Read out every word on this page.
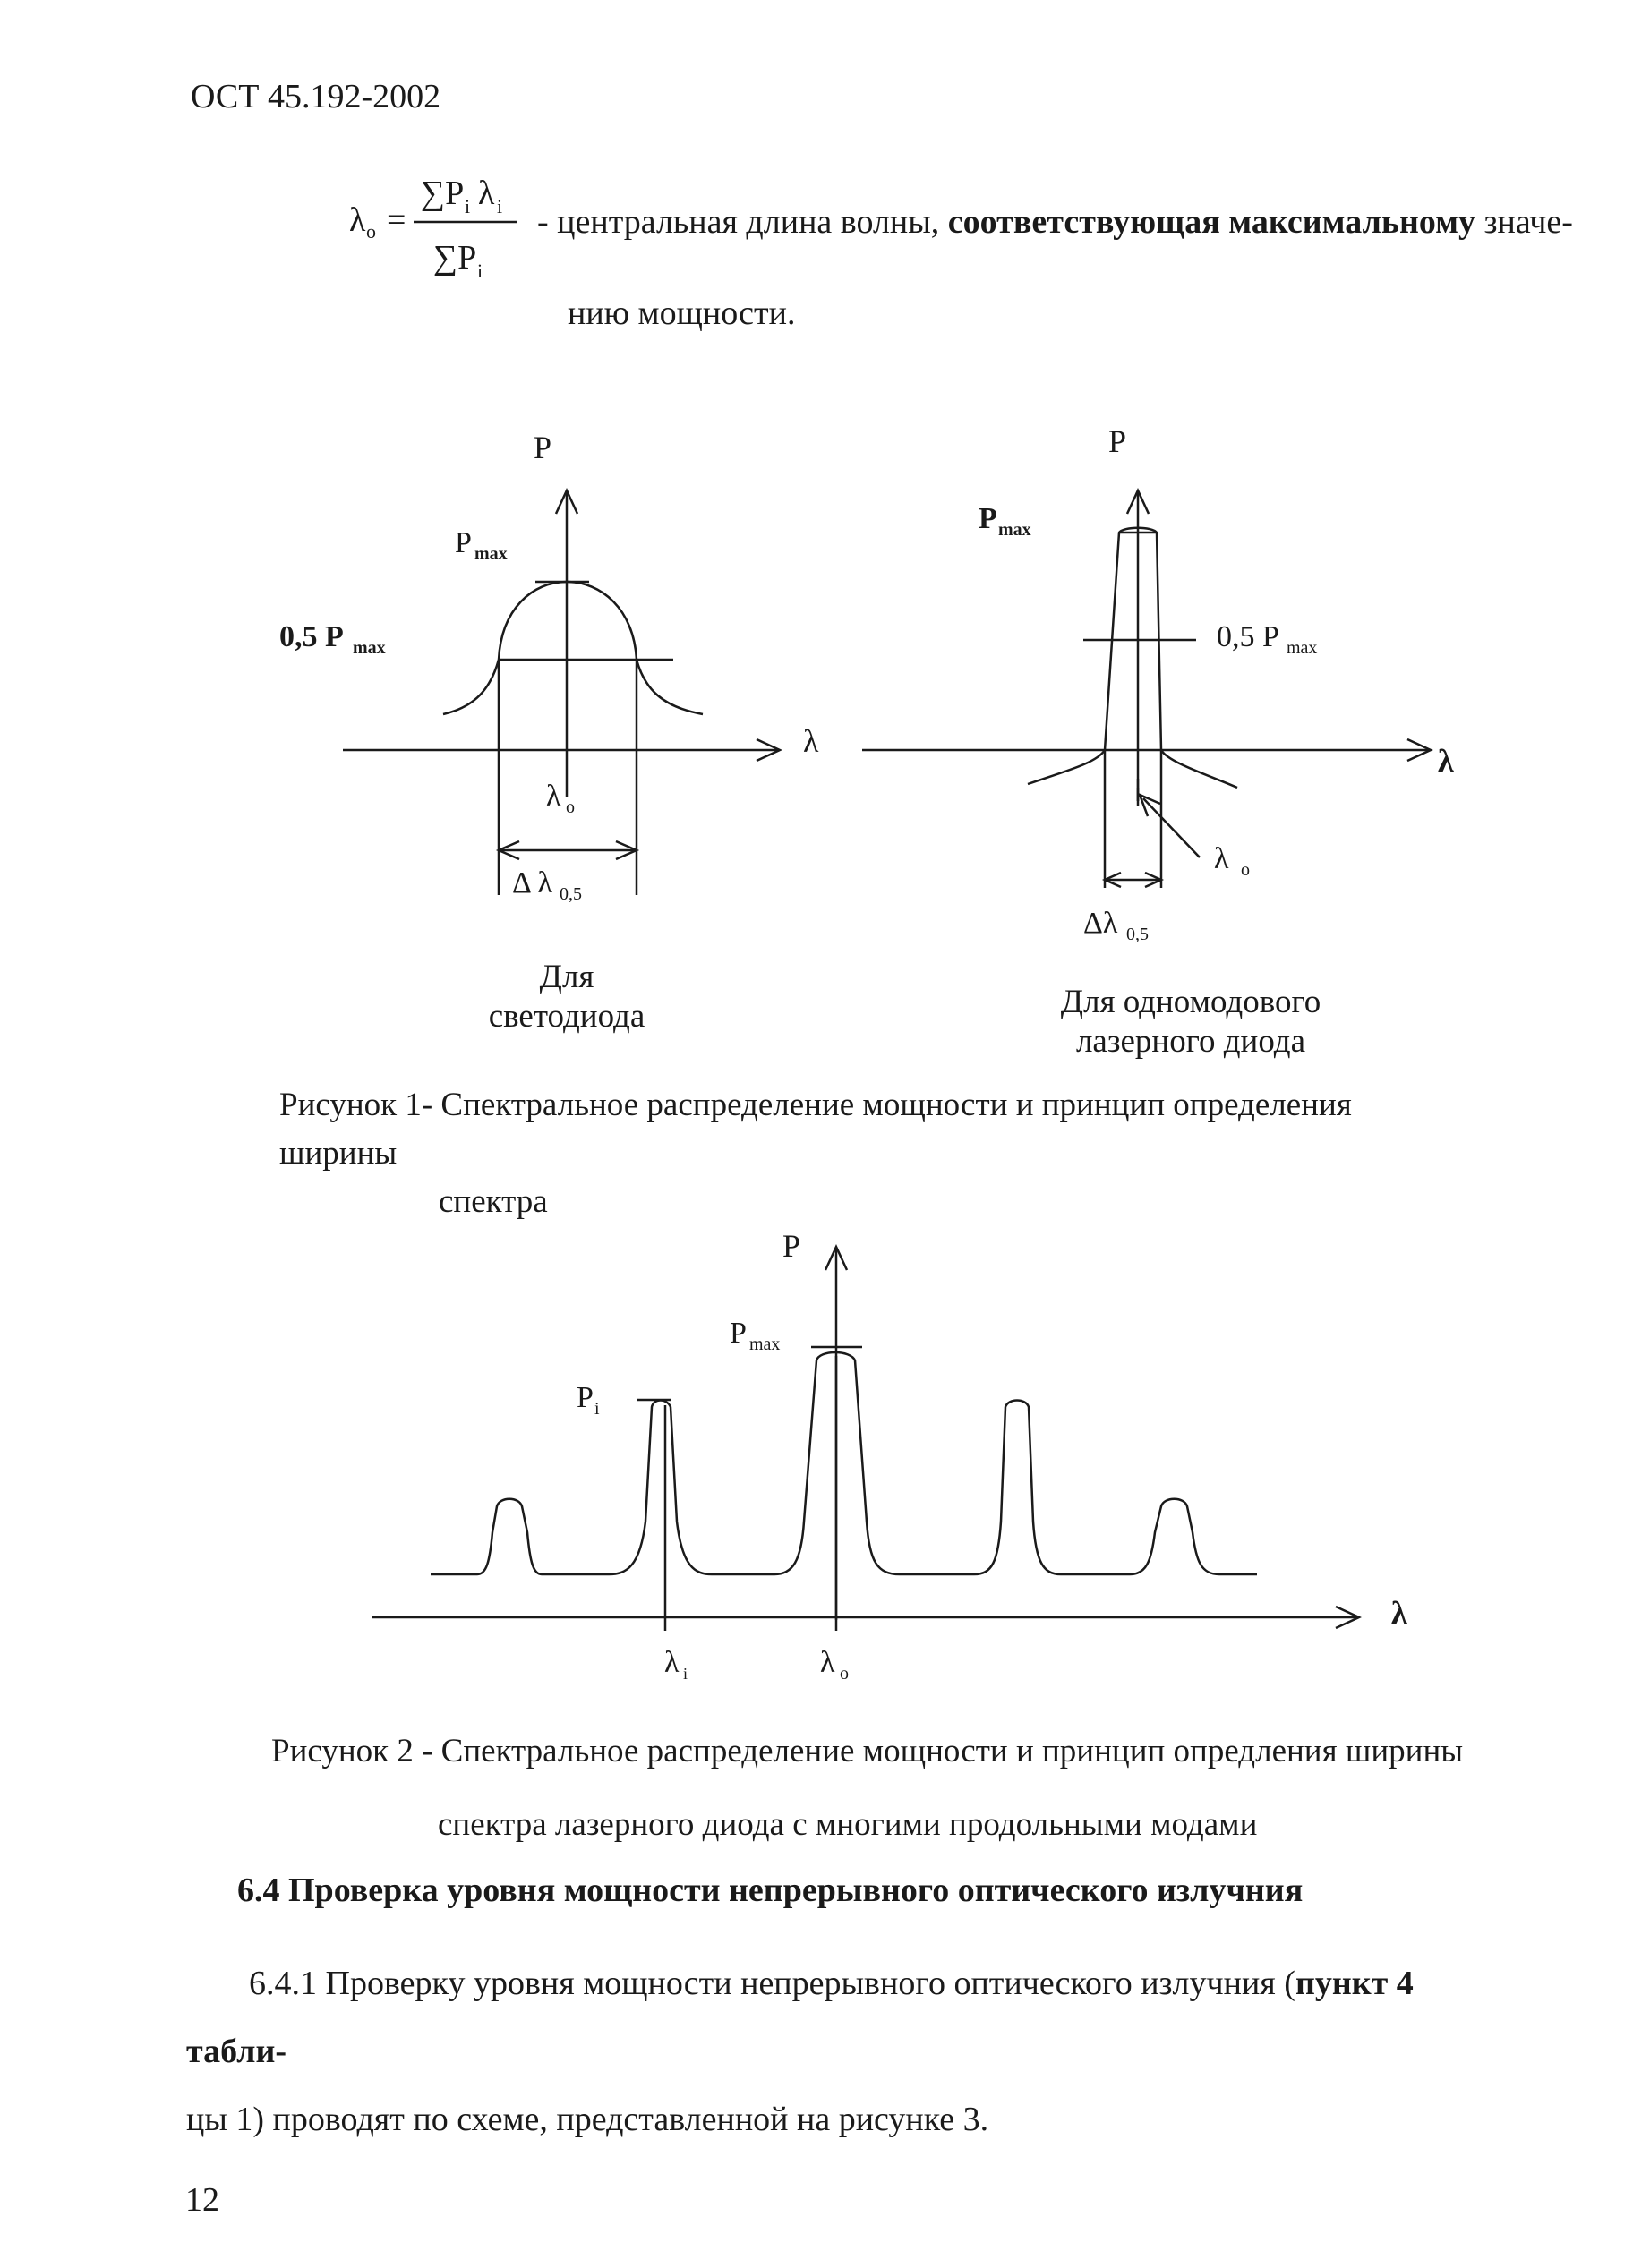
ОСТ 45.192-2002
λ o =
∑P i λ i
∑P i
P
λ
P max
0,5 P max
λ o
Δ λ 0,5
P
λ
P max
0,5 P max
λ o
Δλ 0,5
P
λ
P max
P i
λ i	λ o
- центральная длина волны, соответствующая максимальному значе-
нию мощности.
Для
светодиода	Для одномодового
лазерного диода
Рисунок 1- Спектральное распределение мощности и принцип определения ширины
спектра
Рисунок 2 - Спектральное распределение мощности и принцип опредления ширины
спектра лазерного диода с многими продольными модами
6.4 Проверка уровня мощности непрерывного оптического излучния
6.4.1 Проверку уровня мощности непрерывного оптического излучния (пункт 4 табли-
цы 1) проводят по схеме, представленной на рисунке 3.
12
